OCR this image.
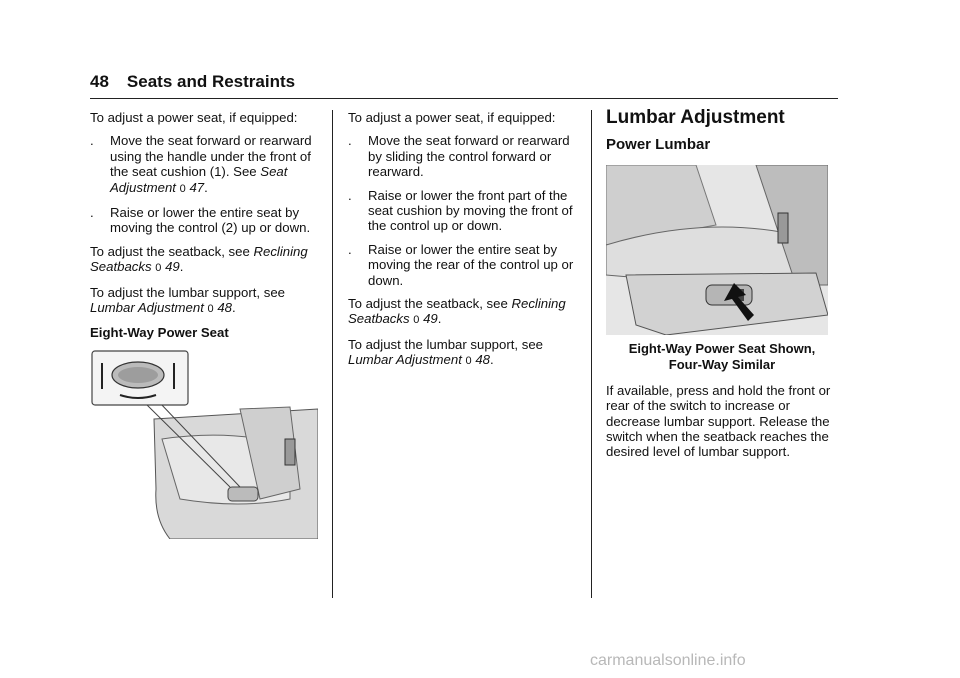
48 Seats and Restraints

To adjust a power seat, if equipped:

.	Move the seat forward or rearward using the handle under the front of the seat cushion (1). See Seat Adjustment 0 47.
.	Raise or lower the entire seat by moving the control (2) up or down.

To adjust the seatback, see Reclining Seatbacks 0 49.

To adjust the lumbar support, see Lumbar Adjustment 0 48.

Eight-Way Power Seat

To adjust a power seat, if equipped:

.	Move the seat forward or rearward by sliding the control forward or rearward.
.	Raise or lower the front part of the seat cushion by moving the front of the control up or down.
.	Raise or lower the entire seat by moving the rear of the control up or down.

To adjust the seatback, see Reclining Seatbacks 0 49.

To adjust the lumbar support, see Lumbar Adjustment 0 48.

Lumbar Adjustment
Power Lumbar
Eight-Way Power Seat Shown,
Four-Way Similar

If available, press and hold the front or rear of the switch to increase or decrease lumbar support. Release the switch when the seatback reaches the desired level of lumbar support.

carmanualsonline.info
